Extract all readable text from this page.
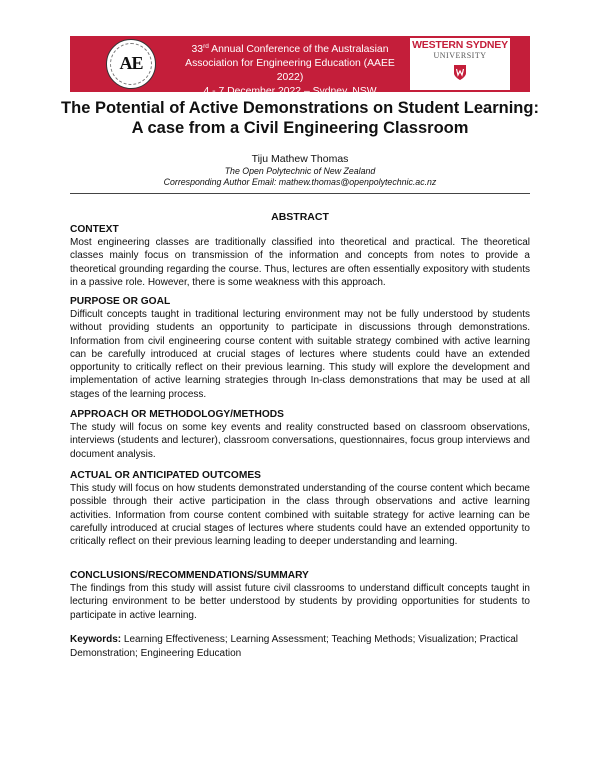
AE
33rd Annual Conference of the Australasian
Association for Engineering Education (AAEE 2022)
4 - 7 December 2022 – Sydney, NSW
WESTERN SYDNEY
UNIVERSITY
The Potential of Active Demonstrations on Student Learning:
A case from a Civil Engineering Classroom
Tiju Mathew Thomas
The Open Polytechnic of New Zealand
Corresponding Author Email: mathew.thomas@openpolytechnic.ac.nz
ABSTRACT
CONTEXT

Most engineering classes are traditionally classified into theoretical and practical. The theoretical classes mainly focus on transmission of the information and concepts from notes to provide a theoretical grounding regarding the course. Thus, lectures are often essentially expository with students in a passive role. However, there is some weakness with this approach.

PURPOSE OR GOAL

Difficult concepts taught in traditional lecturing environment may not be fully understood by students without providing students an opportunity to participate in discussions through demonstrations. Information from civil engineering course content with suitable strategy combined with active learning can be carefully introduced at crucial stages of lectures where students could have an extended opportunity to critically reflect on their previous learning. This study will explore the development and implementation of active learning strategies through In-class demonstrations that may be used at all stages of the learning process.

APPROACH OR METHODOLOGY/METHODS

The study will focus on some key events and reality constructed based on classroom observations, interviews (students and lecturer), classroom conversations, questionnaires, focus group interviews and document analysis.

ACTUAL OR ANTICIPATED OUTCOMES

This study will focus on how students demonstrated understanding of the course content which became possible through their active participation in the class through observations and active learning activities. Information from course content combined with suitable strategy for active learning can be carefully introduced at crucial stages of lectures where students could have an extended opportunity to critically reflect on their previous learning leading to deeper understanding and learning.

CONCLUSIONS/RECOMMENDATIONS/SUMMARY

The findings from this study will assist future civil classrooms to understand difficult concepts taught in lecturing environment to be better understood by students by providing opportunities for students to participate in active learning.

Keywords: Learning Effectiveness; Learning Assessment; Teaching Methods; Visualization; Practical Demonstration; Engineering Education
